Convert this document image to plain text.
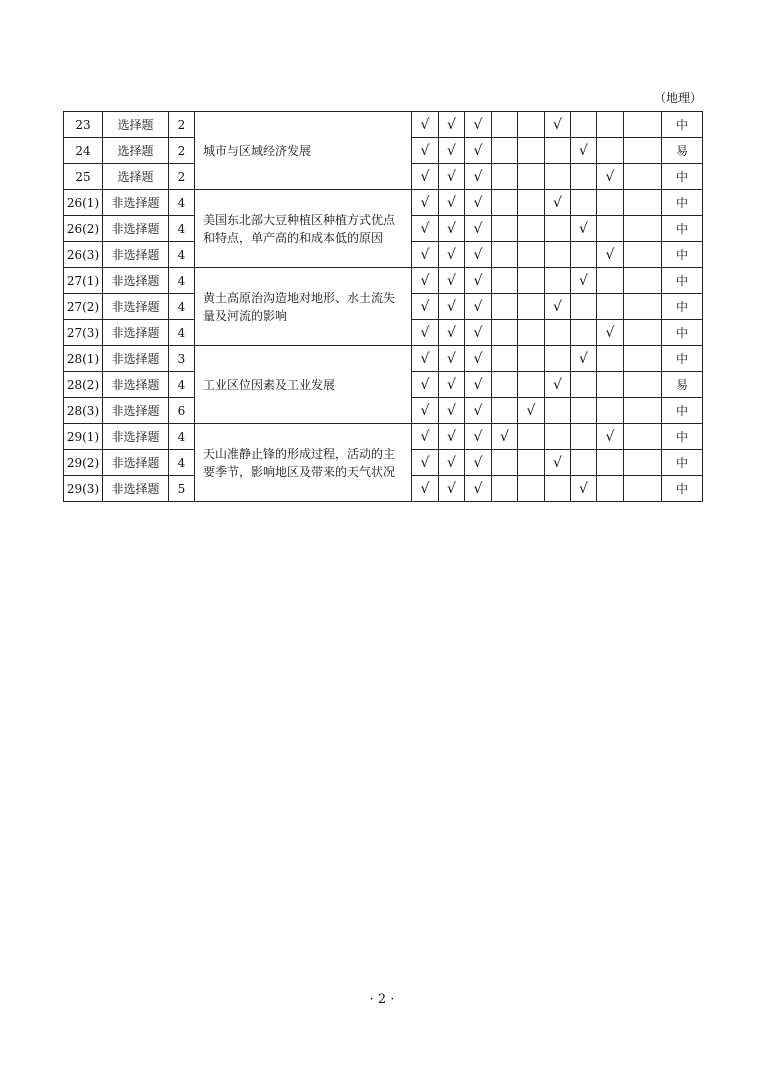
（地理）
23	选择题	2	城市与区域经济发展	√	√	√			√				中	
24	选择题	2		√	√	√				√			易	
25	选择题	2		√	√	√					√		中	
26(1)	非选择题	4	美国东北部大豆种植区种植方式优点和特点，单产高的和成本低的原因	√	√	√			√				中	
26(2)	非选择题	4		√	√	√				√			中	
26(3)	非选择题	4		√	√	√					√		中	
27(1)	非选择题	4	黄土高原治沟造地对地形、水土流失量及河流的影响	√	√	√				√			中	
27(2)	非选择题	4		√	√	√			√				中	
27(3)	非选择题	4		√	√	√					√		中	
28(1)	非选择题	3	工业区位因素及工业发展	√	√	√				√			中	
28(2)	非选择题	4		√	√	√			√				易	
28(3)	非选择题	6		√	√	√		√					中	
29(1)	非选择题	4	天山准静止锋的形成过程，活动的主要季节，影响地区及带来的天气状况	√	√	√	√				√		中	
29(2)	非选择题	4		√	√	√			√				中	
29(3)	非选择题	5		√	√	√				√			中	
· 2 ·
